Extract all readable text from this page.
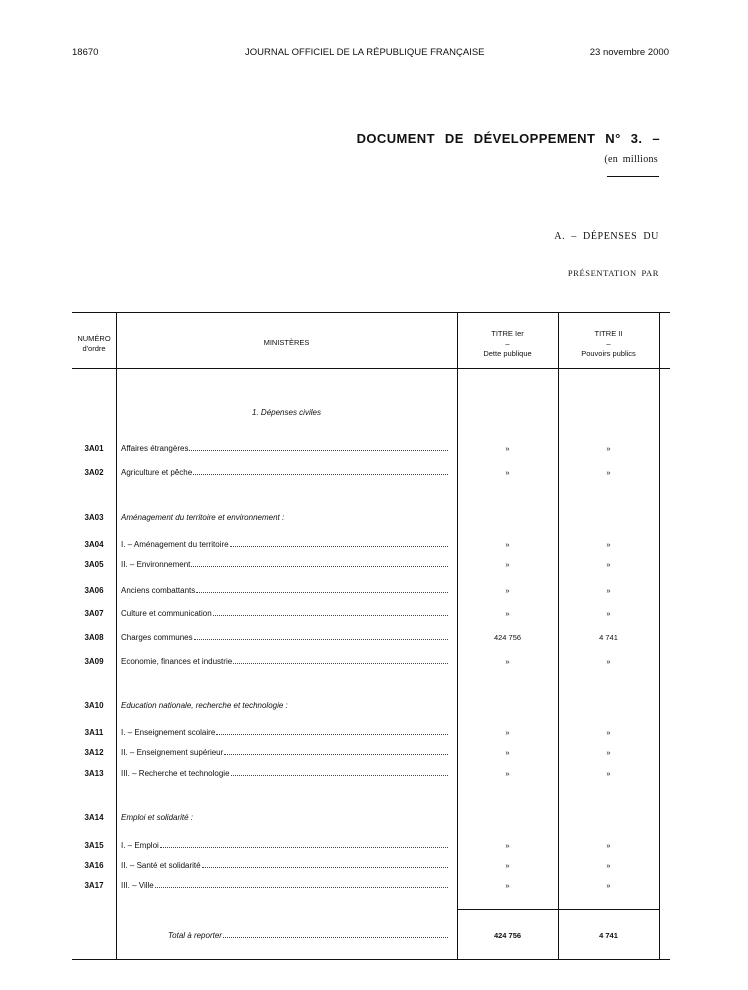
18670	JOURNAL OFFICIEL DE LA RÉPUBLIQUE FRANÇAISE	23 novembre 2000
DOCUMENT DE DÉVELOPPEMENT N° 3. –
(en millions
A. – DÉPENSES DU
PRÉSENTATION PAR
NUMÉRO
d'ordre
MINISTÈRES
TITRE Ier
–
Dette publique
TITRE II
–
Pouvoirs publics
1. Dépenses civiles
3A01	Affaires étrangères	»	»
3A02	Agriculture et pêche	»	»
3A03	Aménagement du territoire et environnement :
3A04	I. – Aménagement du territoire	»	»
3A05	II. – Environnement	»	»
3A06	Anciens combattants	»	»
3A07	Culture et communication	»	»
3A08	Charges communes	424 756	4 741
3A09	Economie, finances et industrie	»	»
3A10	Education nationale, recherche et technologie :
3A11	I. – Enseignement scolaire	»	»
3A12	II. – Enseignement supérieur	»	»
3A13	III. – Recherche et technologie	»	»
3A14	Emploi et solidarité :
3A15	I. – Emploi	»	»
3A16	II. – Santé et solidarité	»	»
3A17	III. – Ville	»	»
Total à reporter	424 756	4 741
